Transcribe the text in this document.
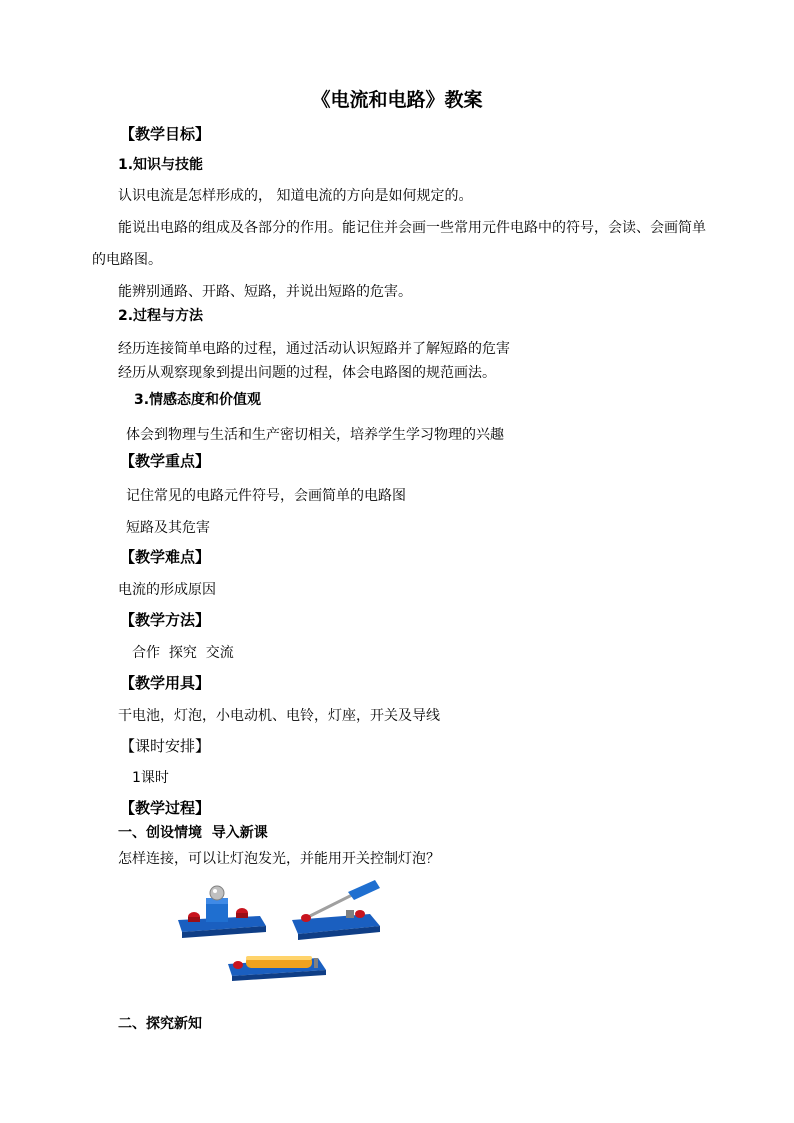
《电流和电路》教案
【教学目标】
1.知识与技能
认识电流是怎样形成的， 知道电流的方向是如何规定的。
能说出电路的组成及各部分的作用。能记住并会画一些常用元件电路中的符号，会读、会画简单
的电路图。
能辨别通路、开路、短路，并说出短路的危害。
2.过程与方法
经历连接简单电路的过程，通过活动认识短路并了解短路的危害
经历从观察现象到提出问题的过程，体会电路图的规范画法。
3.情感态度和价值观
体会到物理与生活和生产密切相关，培养学生学习物理的兴趣
【教学重点】
记住常见的电路元件符号，会画简单的电路图
短路及其危害
【教学难点】
电流的形成原因
【教学方法】
合作  探究  交流
【教学用具】
干电池，灯泡，小电动机、电铃，灯座，开关及导线
【课时安排】
1课时
【教学过程】
一、创设情境  导入新课
怎样连接，可以让灯泡发光，并能用开关控制灯泡？
二、探究新知
